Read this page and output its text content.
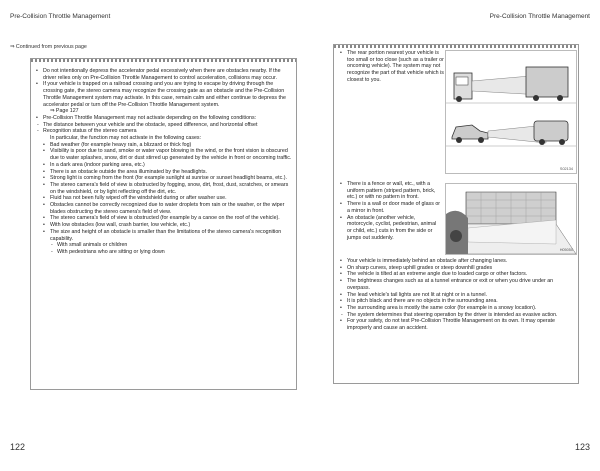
Pre-Collision Throttle Management	Pre-Collision Throttle Management
⇒ Continued from previous page
• Do not intentionally depress the accelerator pedal excessively when there are obstacles nearby. If the driver relies only on Pre-Collision Throttle Management to control acceleration, collisions may occur.
• If your vehicle is trapped on a railroad crossing and you are trying to escape by driving through the crossing gate, the stereo camera may recognize the crossing gate as an obstacle and the Pre-Collision Throttle Management system may activate. In this case, remain calm and either continue to depress the accelerator pedal or turn off the Pre-Collision Throttle Management system.
⇒ Page 127
• Pre-Collision Throttle Management may not activate depending on the following conditions:
- The distance between your vehicle and the obstacle, speed difference, and horizontal offset
- Recognition status of the stereo camera
In particular, the function may not activate in the following cases:
• Bad weather (for example heavy rain, a blizzard or thick fog)
• Visibility is poor due to sand, smoke or water vapor blowing in the wind, or the front vision is obscured due to water splashes, snow, dirt or dust stirred up generated by the vehicle in front or oncoming traffic.
• In a dark area (indoor parking area, etc.)
• There is an obstacle outside the area illuminated by the headlights.
• Strong light is coming from the front (for example sunlight at sunrise or sunset headlight beams, etc.).
• The stereo camera's field of view is obstructed by fogging, snow, dirt, frost, dust, scratches, or smears on the windshield, or by light reflecting off the dirt, etc.
• Fluid has not been fully wiped off the windshield during or after washer use.
• Obstacles cannot be correctly recognized due to water droplets from rain or the washer, or the wiper blades obstructing the stereo camera's field of view.
• The stereo camera's field of view is obstructed (for example by a canoe on the roof of the vehicle).
• With low obstacles (low wall, crash barrier, low vehicle, etc.)
• The size and height of an obstacle is smaller than the limitations of the stereo camera's recognition capability.
- With small animals or children
- With pedestrians who are sitting or lying down
• The rear portion nearest your vehicle is too small or too close (such as a trailer or oncoming vehicle). The system may not recognize the part of that vehicle which is closest to you.
• There is a fence or wall, etc., with a uniform pattern (striped pattern, brick, etc.) or with no pattern in front.
• There is a wall or door made of glass or a mirror in front.
• An obstacle (another vehicle, motorcycle, cyclist, pedestrian, animal or child, etc.) cuts in from the side or jumps out suddenly.
• Your vehicle is immediately behind an obstacle after changing lanes.
• On sharp curves, steep uphill grades or steep downhill grades
• The vehicle is tilted at an extreme angle due to loaded cargo or other factors.
• The brightness changes such as at a tunnel entrance or exit or when you drive under an overpass.
• The lead vehicle's tail lights are not lit at night or in a tunnel.
• It is pitch black and there are no objects in the surrounding area.
• The surrounding area is mostly the same color (for example in a snowy location).
- The system determines that steering operation by the driver is intended as evasive action.
• For your safety, do not test Pre-Collision Throttle Management on its own. It may operate improperly and cause an accident.
S02134
H05050
122	123
